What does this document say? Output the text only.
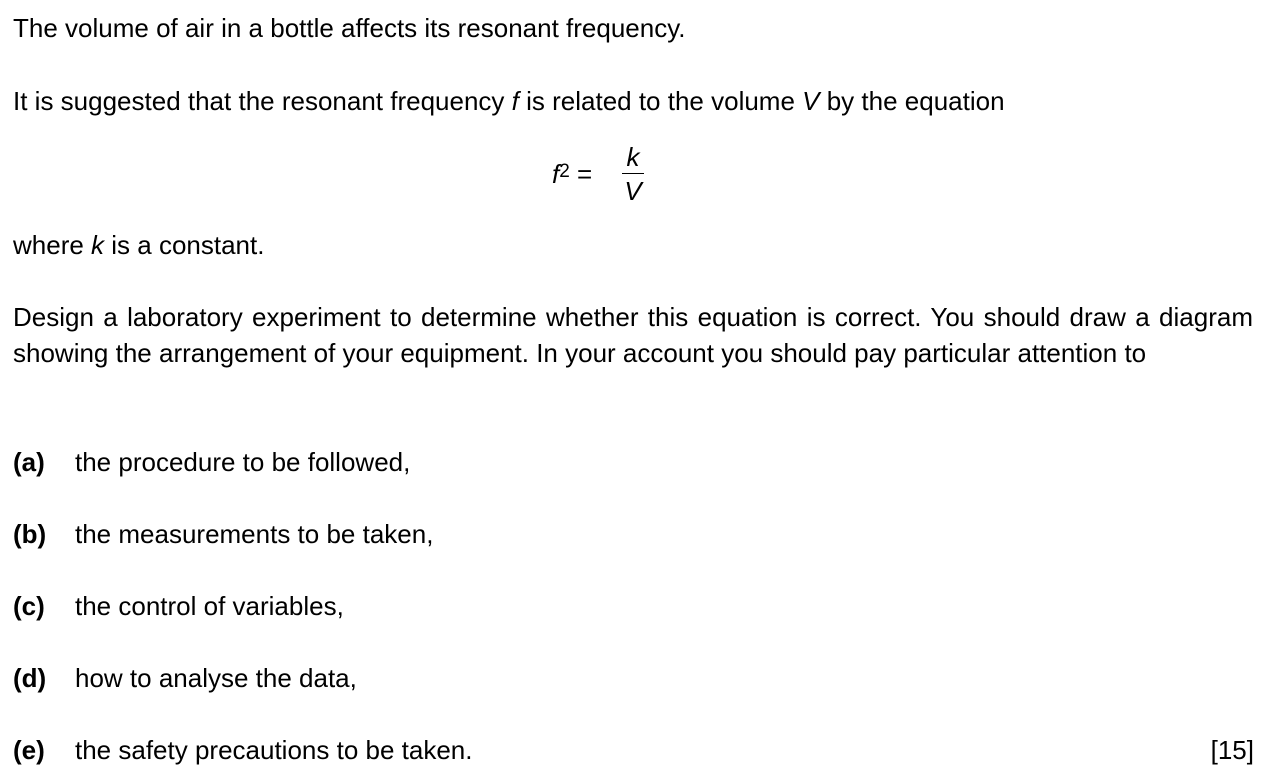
The volume of air in a bottle affects its resonant frequency.
It is suggested that the resonant frequency f is related to the volume V by the equation
$f^2$ =
k
V
where k is a constant.
Design a laboratory experiment to determine whether this equation is correct. You should draw a diagram showing the arrangement of your equipment. In your account you should pay particular attention to
(a) the procedure to be followed,
(b) the measurements to be taken,
(c) the control of variables,
(d) how to analyse the data,
(e) the safety precautions to be taken.	[15]
